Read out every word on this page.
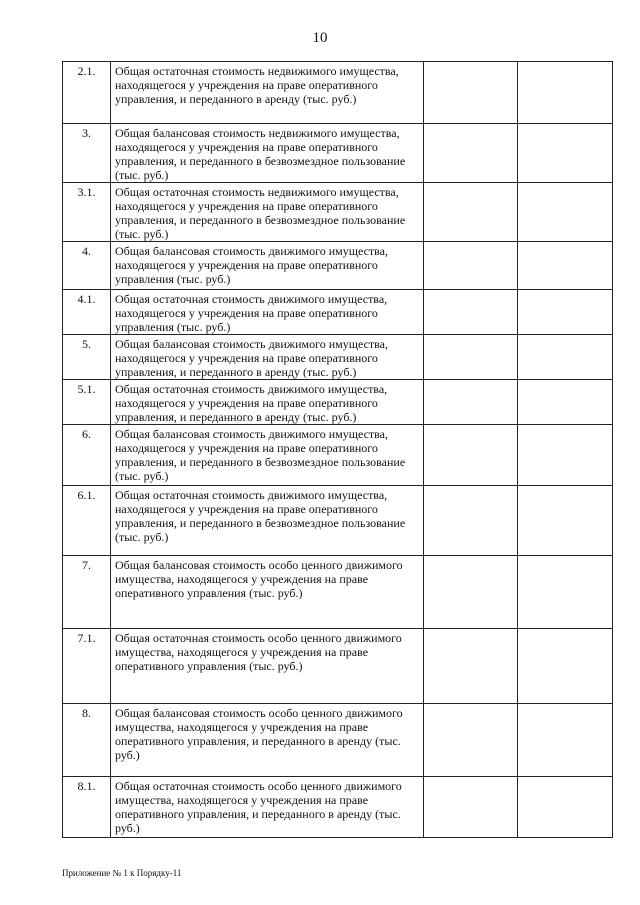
10
2.1.	Общая остаточная стоимость недвижимого имущества, находящегося у учреждения на праве оперативного управления, и переданного в аренду (тыс. руб.)		
3.	Общая балансовая стоимость недвижимого имущества, находящегося у учреждения на праве оперативного управления, и переданного в безвозмездное пользование (тыс. руб.)		
3.1.	Общая остаточная стоимость недвижимого имущества, находящегося у учреждения на праве оперативного управления, и переданного в безвозмездное пользование (тыс. руб.)		
4.	Общая балансовая стоимость движимого имущества, находящегося у учреждения на праве оперативного управления (тыс. руб.)		
4.1.	Общая остаточная стоимость движимого имущества, находящегося у учреждения на праве оперативного управления (тыс. руб.)		
5.	Общая балансовая стоимость движимого имущества, находящегося у учреждения на праве оперативного управления, и переданного в аренду (тыс. руб.)		
5.1.	Общая остаточная стоимость движимого имущества, находящегося у учреждения на праве оперативного управления, и переданного в аренду (тыс. руб.)		
6.	Общая балансовая стоимость движимого имущества, находящегося у учреждения на праве оперативного управления, и переданного в безвозмездное пользование (тыс. руб.)		
6.1.	Общая остаточная стоимость движимого имущества, находящегося у учреждения на праве оперативного управления, и переданного в безвозмездное пользование (тыс. руб.)		
7.	Общая балансовая стоимость особо ценного движимого имущества, находящегося у учреждения на праве оперативного управления (тыс. руб.)		
7.1.	Общая остаточная стоимость особо ценного движимого имущества, находящегося у учреждения на праве оперативного управления (тыс. руб.)		
8.	Общая балансовая стоимость особо ценного движимого имущества, находящегося у учреждения на праве оперативного управления, и переданного в аренду (тыс. руб.)		
8.1.	Общая остаточная стоимость особо ценного движимого имущества, находящегося у учреждения на праве оперативного управления, и переданного в аренду (тыс. руб.)		
Приложение № 1 к Порядку-11
